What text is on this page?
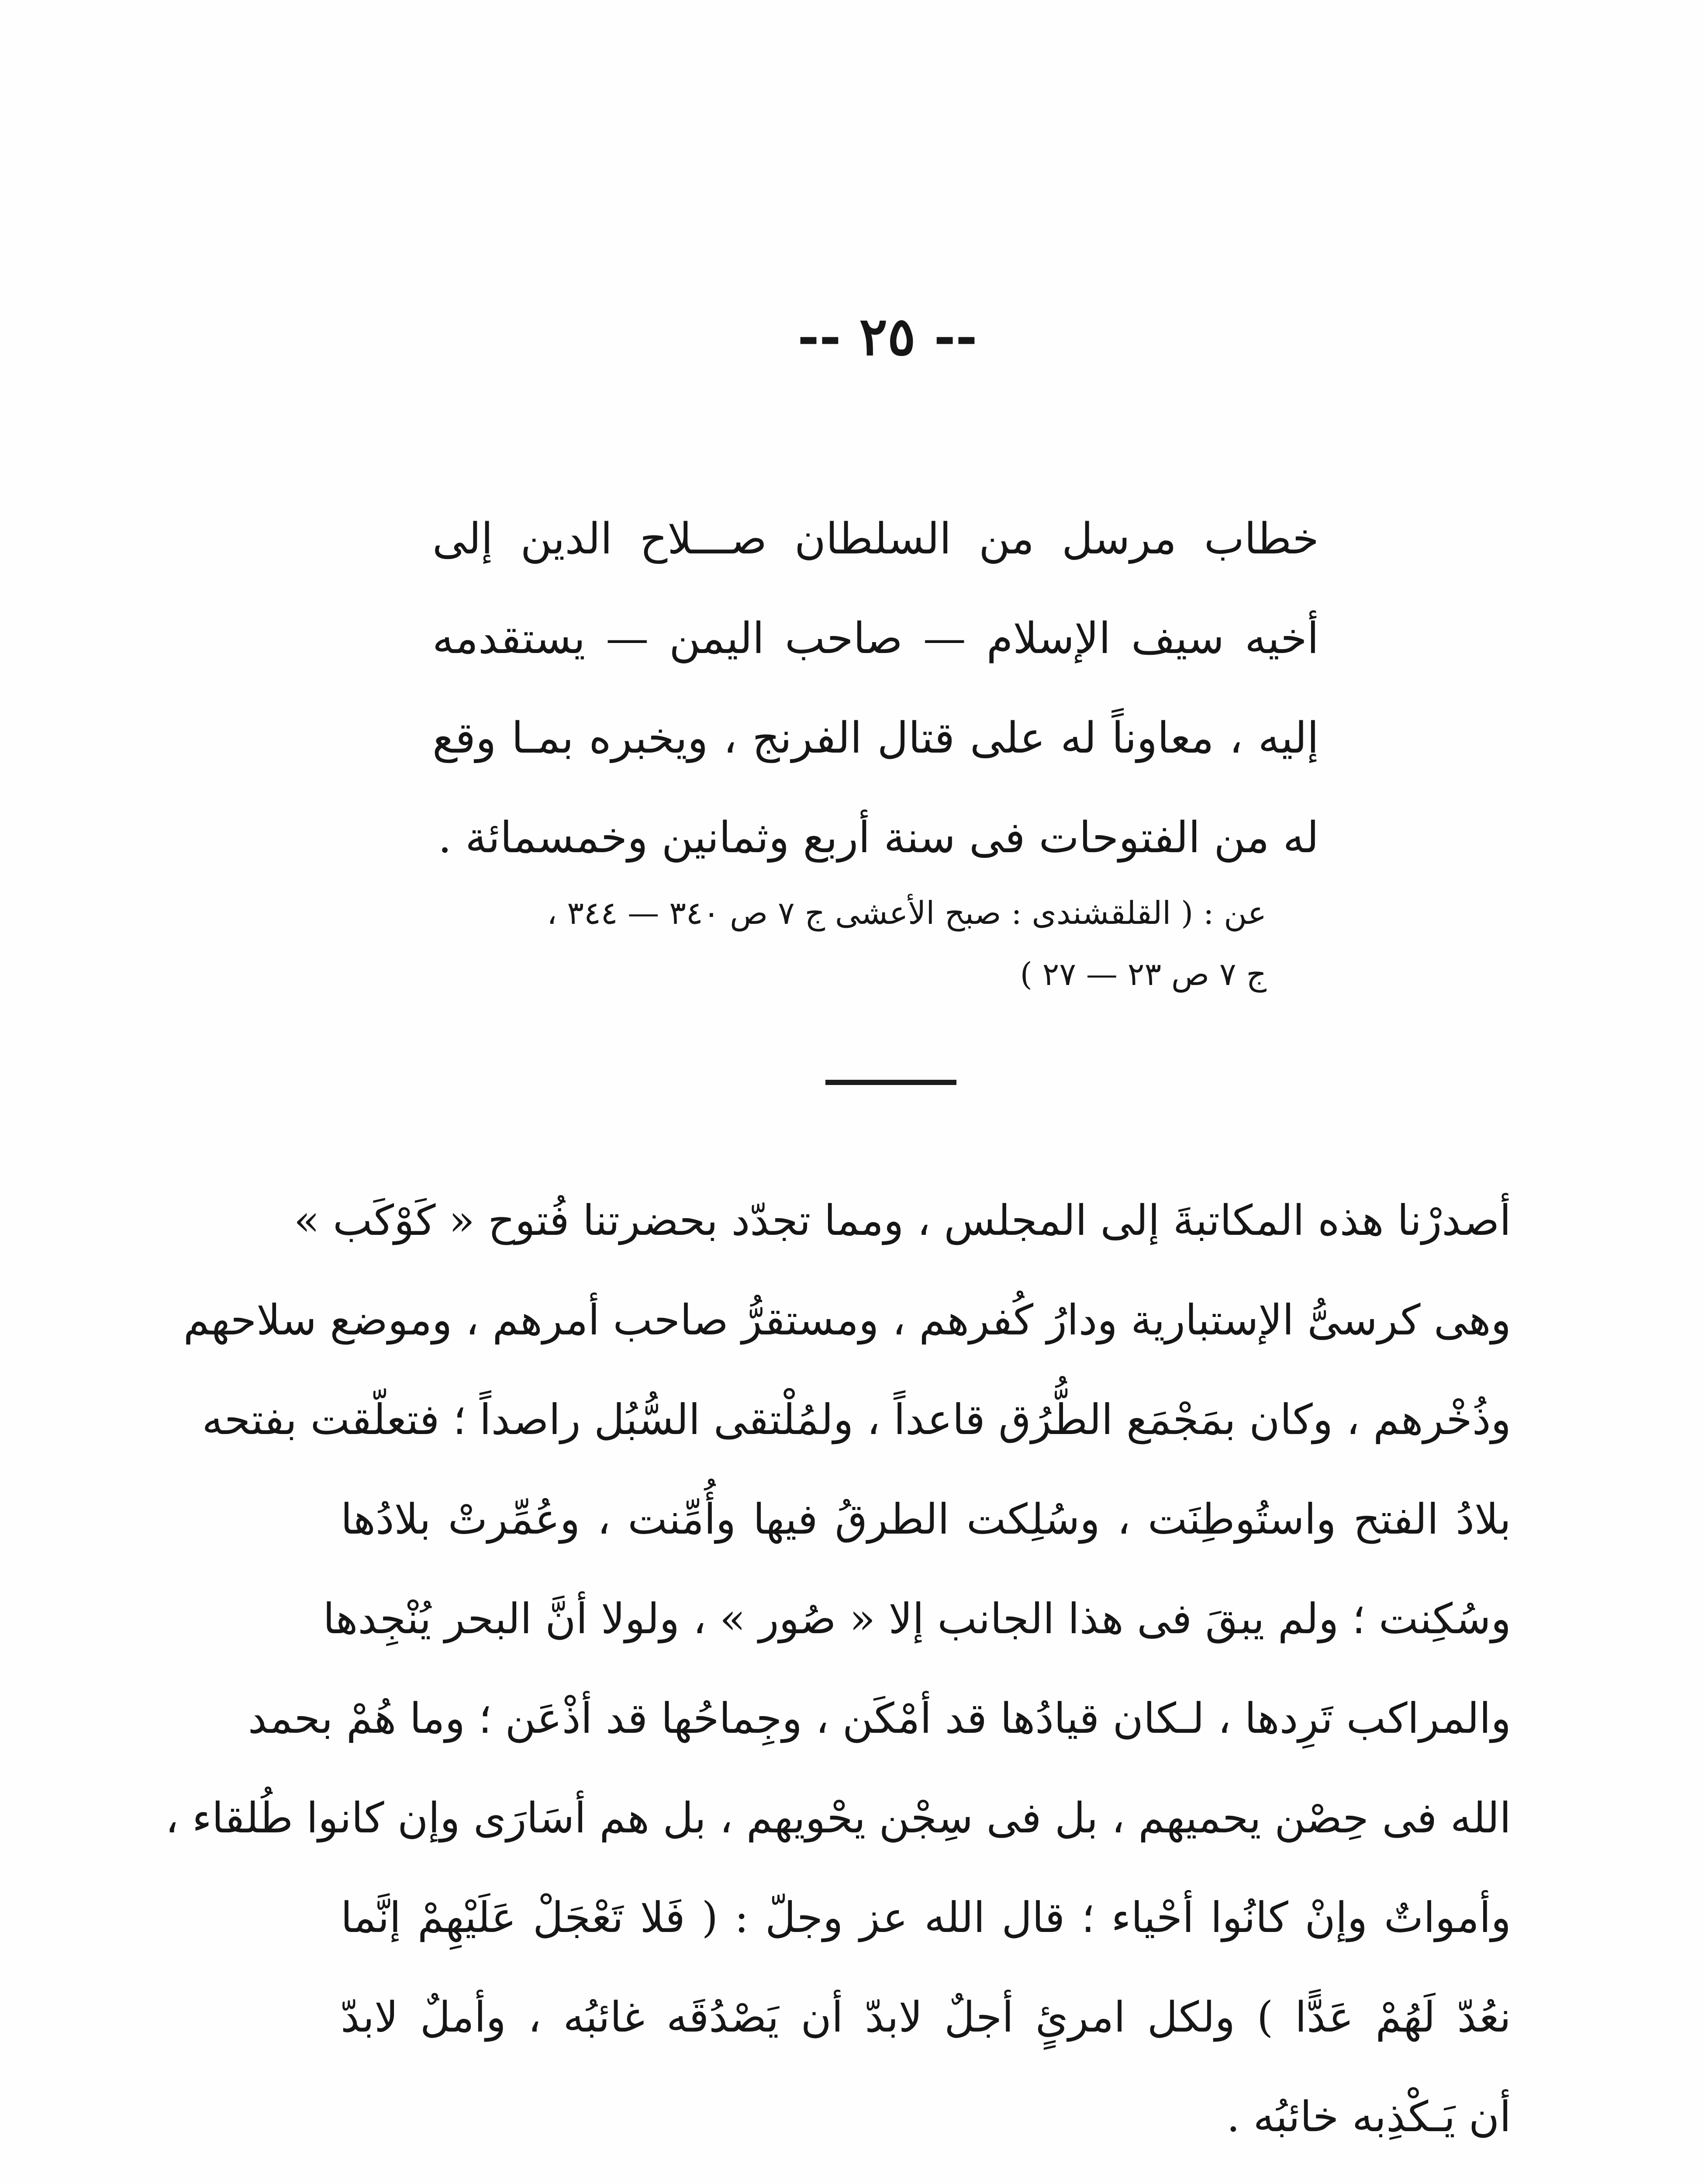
-- ٢٥ --
خطاب مرسل من السلطان صـــلاح الدين إلى أخيه سيف الإسلام — صاحب اليمن — يستقدمه إليه ، معاوناً له على قتال الفرنج ، ويخبره بمـا وقع له من الفتوحات فى سنة أربع وثمانين وخمسمائة .
عن : ( القلقشندى : صبح الأعشى ج ٧ ص ٣٤٠ — ٣٤٤ ،
ج ٧ ص ٢٣ — ٢٧ )
أصدرْنا هذه المكاتبةَ إلى المجلس ، ومما تجدّد بحضرتنا فُتوح « كَوْكَب »
وهى كرسىُّ الإستبارية ودارُ كُفرهم ، ومستقرُّ صاحب أمرهم ، وموضع سلاحهم
وذُخْرهم ، وكان بمَجْمَع الطُّرُق قاعداً ، ولمُلْتقى السُّبُل راصداً ؛ فتعلّقت بفتحه
بلادُ الفتح واستُوطِنَت ، وسُلِكت الطرقُ فيها وأُمِّنت ، وعُمِّرتْ بلادُها
وسُكِنت ؛ ولم يبقَ فى هذا الجانب إلا « صُور » ، ولولا أنَّ البحر يُنْجِدها
والمراكب تَرِدها ، لـكان قيادُها قد أمْكَن ، وجِماحُها قد أذْعَن ؛ وما هُمْ بحمد
الله فى حِصْن يحميهم ، بل فى سِجْن يحْويهم ، بل هم أسَارَى وإن كانوا طُلقاء ،
وأمواتٌ وإنْ كانُوا أحْياء ؛ قال الله عز وجلّ : ( فَلا تَعْجَلْ عَلَيْهِمْ إنَّما
نعُدّ لَهُمْ عَدًّا ) ولكل امرئٍ أجلٌ لابدّ أن يَصْدُقَه غائبُه ، وأملٌ لابدّ
أن يَـكْذِبه خائبُه .
